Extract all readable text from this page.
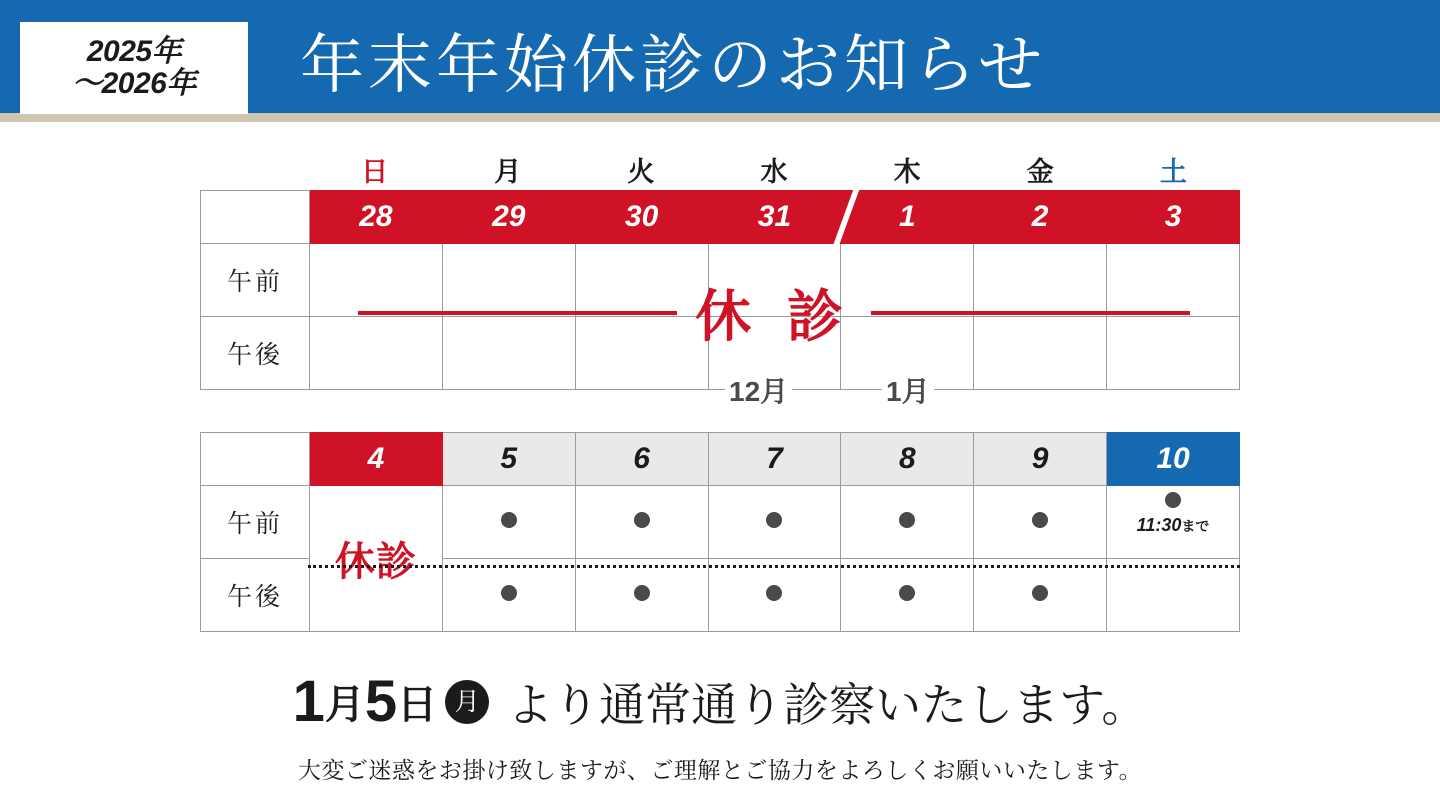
2025年
～2026年 年末年始休診のお知らせ
日	月	火	水	木	金	土
	28	29	30	31	1	2	3
午前							
午後							
休 診
12月	1月
	4	5	6	7	8	9	10
午前	休診						11:30まで

午後							
1月5日 月 より通常通り診察いたします。
大変ご迷惑をお掛け致しますが、ご理解とご協力をよろしくお願いいたします。
